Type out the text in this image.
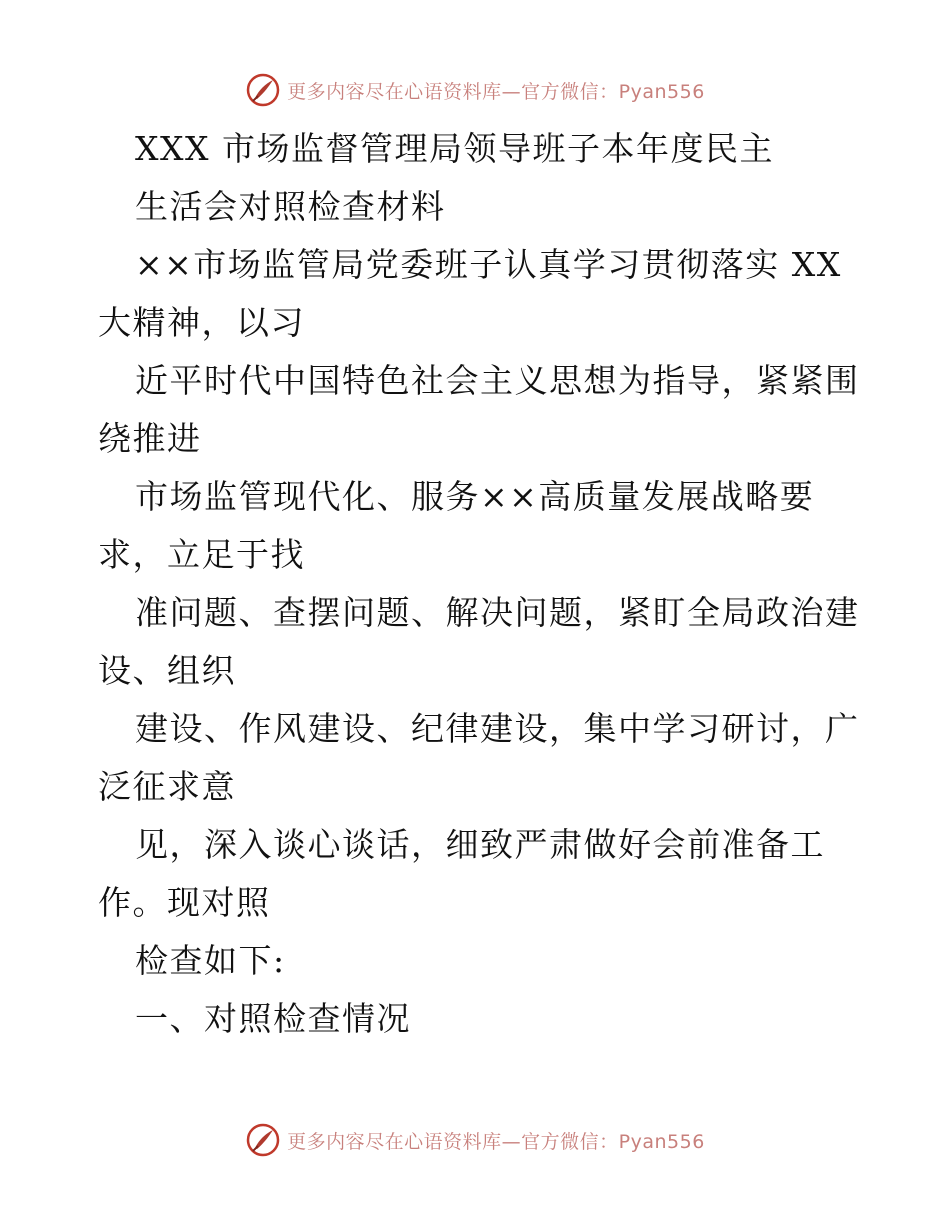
更多内容尽在心语资料库—官方微信：Pyan556
XXX 市场监督管理局领导班子本年度民主
生活会对照检查材料
××市场监管局党委班子认真学习贯彻落实 XX
大精神，以习
近平时代中国特色社会主义思想为指导，紧紧围
绕推进
市场监管现代化、服务××高质量发展战略要
求，立足于找
准问题、查摆问题、解决问题，紧盯全局政治建
设、组织
建设、作风建设、纪律建设，集中学习研讨，广
泛征求意
见，深入谈心谈话，细致严肃做好会前准备工
作。现对照
检查如下:
一、对照检查情况
更多内容尽在心语资料库—官方微信：Pyan556
